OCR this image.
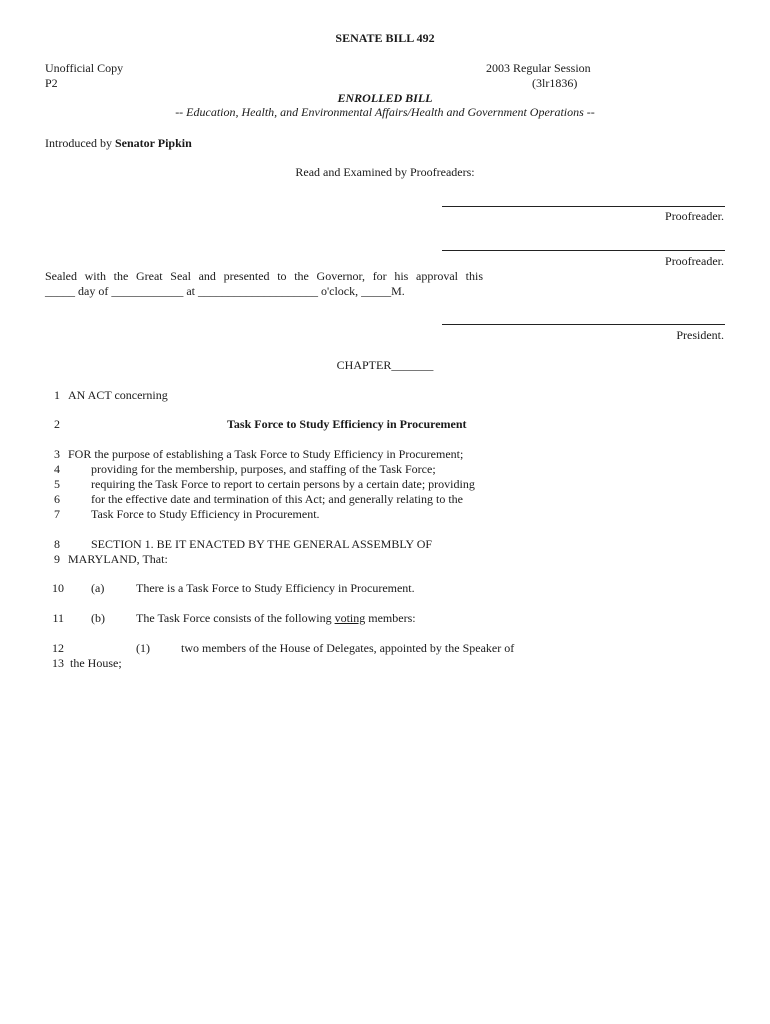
SENATE BILL 492
Unofficial Copy
P2
2003 Regular Session
(3lr1836)
ENROLLED BILL
-- Education, Health, and Environmental Affairs/Health and Government Operations --
Introduced by Senator Pipkin
Read and Examined by Proofreaders:
Proofreader.
Proofreader.
Sealed with the Great Seal and presented to the Governor, for his approval this
_____ day of ____________ at ____________________ o'clock, _____M.
President.
CHAPTER_______
1 AN ACT concerning
2	Task Force to Study Efficiency in Procurement
3 FOR the purpose of establishing a Task Force to Study Efficiency in Procurement;
4	providing for the membership, purposes, and staffing of the Task Force;
5	requiring the Task Force to report to certain persons by a certain date; providing
6	for the effective date and termination of this Act; and generally relating to the
7	Task Force to Study Efficiency in Procurement.
8	SECTION 1. BE IT ENACTED BY THE GENERAL ASSEMBLY OF
9 MARYLAND, That:
10 (a)	There is a Task Force to Study Efficiency in Procurement.
11 (b)	The Task Force consists of the following voting members:
12	(1)	two members of the House of Delegates, appointed by the Speaker of
13 the House;
